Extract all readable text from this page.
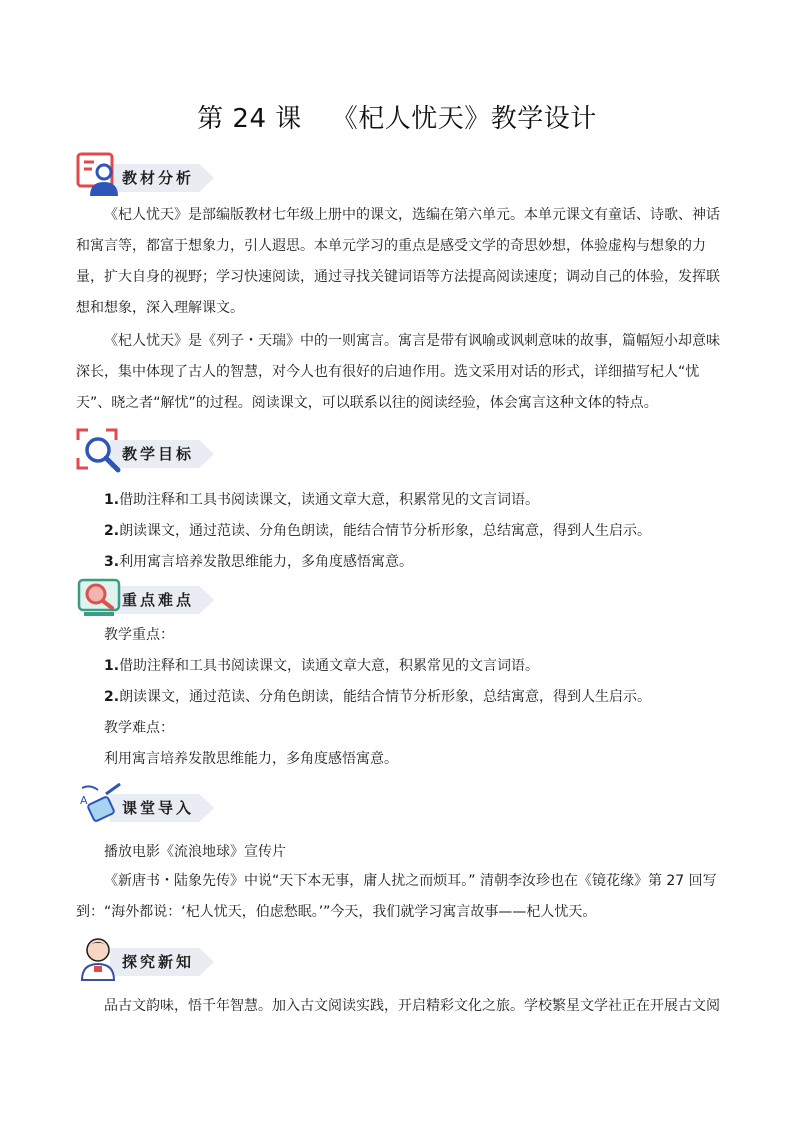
第 24 课 《杞人忧天》教学设计
教材分析

《杞人忧天》是部编版教材七年级上册中的课文，选编在第六单元。本单元课文有童话、诗歌、神话和寓言等，都富于想象力，引人遐思。本单元学习的重点是感受文学的奇思妙想，体验虚构与想象的力量，扩大自身的视野；学习快速阅读，通过寻找关键词语等方法提高阅读速度；调动自己的体验，发挥联想和想象，深入理解课文。

《杞人忧天》是《列子・天瑞》中的一则寓言。寓言是带有讽喻或讽刺意味的故事，篇幅短小却意味深长，集中体现了古人的智慧，对今人也有很好的启迪作用。选文采用对话的形式，详细描写杞人“忧天”、晓之者“解忧”的过程。阅读课文，可以联系以往的阅读经验，体会寓言这种文体的特点。

教学目标
1.借助注释和工具书阅读课文，读通文章大意，积累常见的文言词语。
2.朗读课文，通过范读、分角色朗读，能结合情节分析形象，总结寓意，得到人生启示。
3.利用寓言培养发散思维能力，多角度感悟寓意。
重点难点
教学重点：
1.借助注释和工具书阅读课文，读通文章大意，积累常见的文言词语。
2.朗读课文，通过范读、分角色朗读，能结合情节分析形象，总结寓意，得到人生启示。
教学难点：
利用寓言培养发散思维能力，多角度感悟寓意。
A 课堂导入
播放电影《流浪地球》宣传片

《新唐书・陆象先传》中说“天下本无事，庸人扰之而烦耳。” 清朝李汝珍也在《镜花缘》第 27 回写到：“海外都说：‘杞人忧天，伯虑愁眠。’”今天，我们就学习寓言故事——杞人忧天。

探究新知
品古文韵味，悟千年智慧。加入古文阅读实践，开启精彩文化之旅。学校繁星文学社正在开展古文阅
